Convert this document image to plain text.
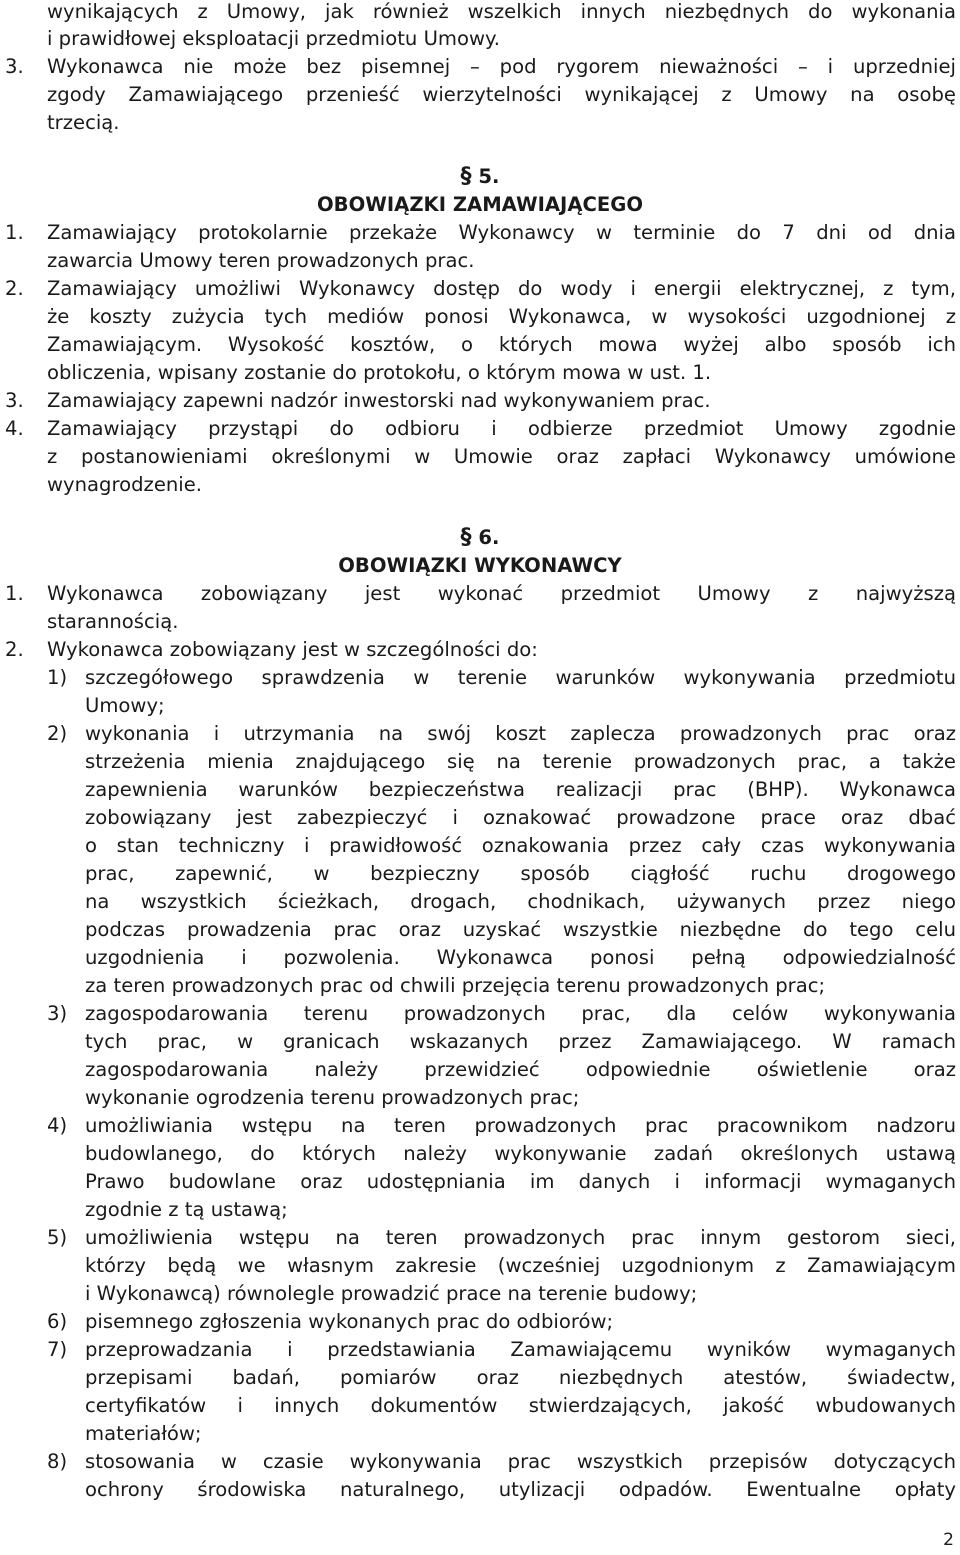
wynikających z Umowy, jak również wszelkich innych niezbędnych do wykonania
i prawidłowej eksploatacji przedmiotu Umowy.
3. Wykonawca nie może bez pisemnej – pod rygorem nieważności – i uprzedniej
zgody Zamawiającego przenieść wierzytelności wynikającej z Umowy na osobę
trzecią.
§ 5.
OBOWIĄZKI ZAMAWIAJĄCEGO
1. Zamawiający protokolarnie przekaże Wykonawcy w terminie do 7 dni od dnia
zawarcia Umowy teren prowadzonych prac.
2. Zamawiający umożliwi Wykonawcy dostęp do wody i energii elektrycznej, z tym,
że koszty zużycia tych mediów ponosi Wykonawca, w wysokości uzgodnionej z
Zamawiającym. Wysokość kosztów, o których mowa wyżej albo sposób ich
obliczenia, wpisany zostanie do protokołu, o którym mowa w ust. 1.
3. Zamawiający zapewni nadzór inwestorski nad wykonywaniem prac.
4. Zamawiający przystąpi do odbioru i odbierze przedmiot Umowy zgodnie
z postanowieniami określonymi w Umowie oraz zapłaci Wykonawcy umówione
wynagrodzenie.
§ 6.
OBOWIĄZKI WYKONAWCY
1. Wykonawca zobowiązany jest wykonać przedmiot Umowy z najwyższą
starannością.
2. Wykonawca zobowiązany jest w szczególności do:
1) szczegółowego sprawdzenia w terenie warunków wykonywania przedmiotu
Umowy;
2) wykonania i utrzymania na swój koszt zaplecza prowadzonych prac oraz
strzeżenia mienia znajdującego się na terenie prowadzonych prac, a także
zapewnienia warunków bezpieczeństwa realizacji prac (BHP). Wykonawca
zobowiązany jest zabezpieczyć i oznakować prowadzone prace oraz dbać
o stan techniczny i prawidłowość oznakowania przez cały czas wykonywania
prac, zapewnić, w bezpieczny sposób ciągłość ruchu drogowego
na wszystkich ścieżkach, drogach, chodnikach, używanych przez niego
podczas prowadzenia prac oraz uzyskać wszystkie niezbędne do tego celu
uzgodnienia i pozwolenia. Wykonawca ponosi pełną odpowiedzialność
za teren prowadzonych prac od chwili przejęcia terenu prowadzonych prac;
3) zagospodarowania terenu prowadzonych prac, dla celów wykonywania
tych prac, w granicach wskazanych przez Zamawiającego. W ramach
zagospodarowania należy przewidzieć odpowiednie oświetlenie oraz
wykonanie ogrodzenia terenu prowadzonych prac;
4) umożliwiania wstępu na teren prowadzonych prac pracownikom nadzoru
budowlanego, do których należy wykonywanie zadań określonych ustawą
Prawo budowlane oraz udostępniania im danych i informacji wymaganych
zgodnie z tą ustawą;
5) umożliwienia wstępu na teren prowadzonych prac innym gestorom sieci,
którzy będą we własnym zakresie (wcześniej uzgodnionym z Zamawiającym
i Wykonawcą) równolegle prowadzić prace na terenie budowy;
6) pisemnego zgłoszenia wykonanych prac do odbiorów;
7) przeprowadzania i przedstawiania Zamawiającemu wyników wymaganych
przepisami badań, pomiarów oraz niezbędnych atestów, świadectw,
certyfikatów i innych dokumentów stwierdzających, jakość wbudowanych
materiałów;
8) stosowania w czasie wykonywania prac wszystkich przepisów dotyczących
ochrony środowiska naturalnego, utylizacji odpadów. Ewentualne opłaty
2
